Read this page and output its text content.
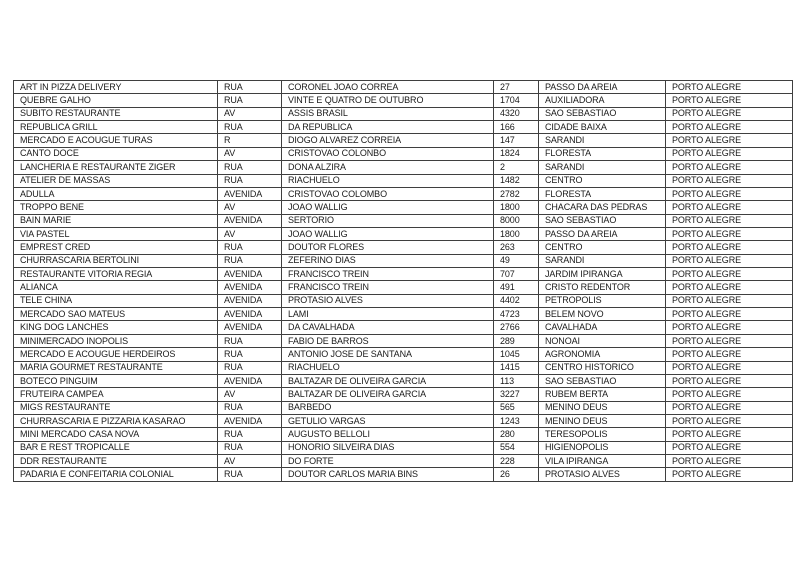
ART IN PIZZA DELIVERY	RUA	CORONEL JOAO CORREA	27	PASSO DA AREIA	PORTO ALEGRE
QUEBRE GALHO	RUA	VINTE E QUATRO DE OUTUBRO	1704	AUXILIADORA	PORTO ALEGRE
SUBITO RESTAURANTE	AV	ASSIS BRASIL	4320	SAO SEBASTIAO	PORTO ALEGRE
REPUBLICA GRILL	RUA	DA REPUBLICA	166	CIDADE BAIXA	PORTO ALEGRE
MERCADO E ACOUGUE TURAS	R	DIOGO ALVAREZ CORREIA	147	SARANDI	PORTO ALEGRE
CANTO DOCE	AV	CRISTOVAO COLONBO	1824	FLORESTA	PORTO ALEGRE
LANCHERIA E RESTAURANTE ZIGER	RUA	DONA ALZIRA	2	SARANDI	PORTO ALEGRE
ATELIER DE MASSAS	RUA	RIACHUELO	1482	CENTRO	PORTO ALEGRE
ADULLA	AVENIDA	CRISTOVAO COLOMBO	2782	FLORESTA	PORTO ALEGRE
TROPPO BENE	AV	JOAO WALLIG	1800	CHACARA DAS PEDRAS	PORTO ALEGRE
BAIN MARIE	AVENIDA	SERTORIO	8000	SAO SEBASTIAO	PORTO ALEGRE
VIA PASTEL	AV	JOAO WALLIG	1800	PASSO DA AREIA	PORTO ALEGRE
EMPREST CRED	RUA	DOUTOR FLORES	263	CENTRO	PORTO ALEGRE
CHURRASCARIA BERTOLINI	RUA	ZEFERINO DIAS	49	SARANDI	PORTO ALEGRE
RESTAURANTE VITORIA REGIA	AVENIDA	FRANCISCO TREIN	707	JARDIM IPIRANGA	PORTO ALEGRE
ALIANCA	AVENIDA	FRANCISCO TREIN	491	CRISTO REDENTOR	PORTO ALEGRE
TELE CHINA	AVENIDA	PROTASIO ALVES	4402	PETROPOLIS	PORTO ALEGRE
MERCADO SAO MATEUS	AVENIDA	LAMI	4723	BELEM NOVO	PORTO ALEGRE
KING DOG LANCHES	AVENIDA	DA CAVALHADA	2766	CAVALHADA	PORTO ALEGRE
MINIMERCADO INOPOLIS	RUA	FABIO DE BARROS	289	NONOAI	PORTO ALEGRE
MERCADO E ACOUGUE HERDEIROS	RUA	ANTONIO JOSE DE SANTANA	1045	AGRONOMIA	PORTO ALEGRE
MARIA GOURMET RESTAURANTE	RUA	RIACHUELO	1415	CENTRO HISTORICO	PORTO ALEGRE
BOTECO PINGUIM	AVENIDA	BALTAZAR DE OLIVEIRA GARCIA	113	SAO SEBASTIAO	PORTO ALEGRE
FRUTEIRA CAMPEA	AV	BALTAZAR DE OLIVEIRA GARCIA	3227	RUBEM BERTA	PORTO ALEGRE
MIGS RESTAURANTE	RUA	BARBEDO	565	MENINO DEUS	PORTO ALEGRE
CHURRASCARIA E PIZZARIA KASARAO	AVENIDA	GETULIO VARGAS	1243	MENINO DEUS	PORTO ALEGRE
MINI MERCADO CASA NOVA	RUA	AUGUSTO BELLOLI	280	TERESOPOLIS	PORTO ALEGRE
BAR E REST TROPICALLE	RUA	HONORIO SILVEIRA DIAS	554	HIGIENOPOLIS	PORTO ALEGRE
DDR RESTAURANTE	AV	DO FORTE	228	VILA IPIRANGA	PORTO ALEGRE
PADARIA E CONFEITARIA COLONIAL	RUA	DOUTOR CARLOS MARIA BINS	26	PROTASIO ALVES	PORTO ALEGRE
